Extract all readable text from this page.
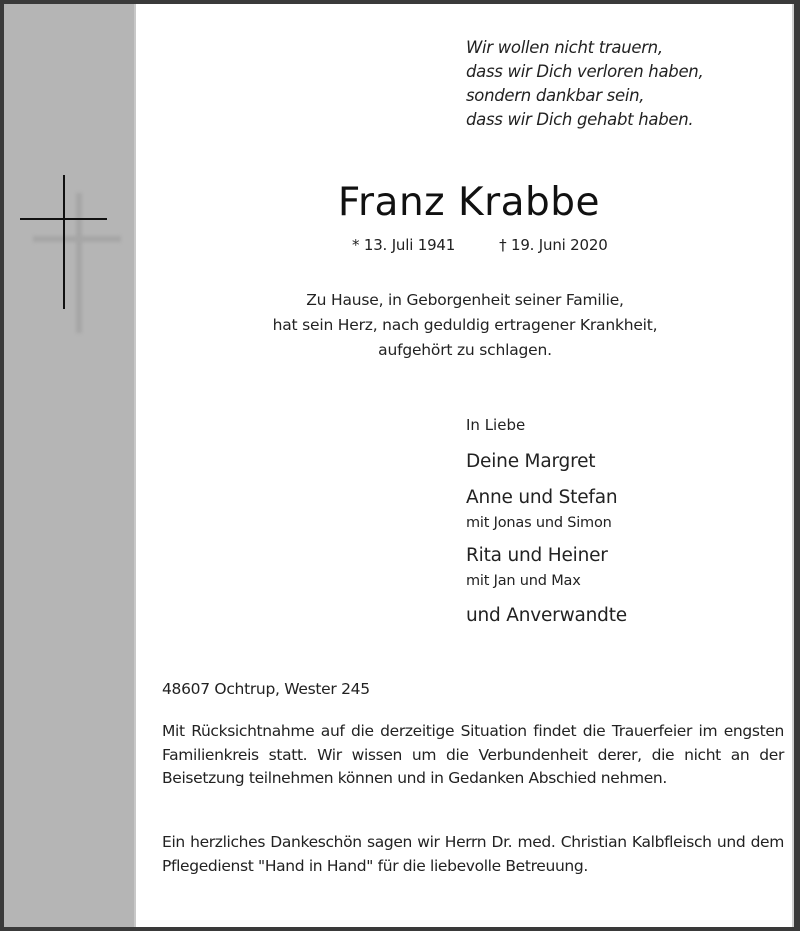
Wir wollen nicht trauern,
dass wir Dich verloren haben,
sondern dankbar sein,
dass wir Dich gehabt haben.
Franz Krabbe
* 13. Juli 1941	† 19. Juni 2020
Zu Hause, in Geborgenheit seiner Familie,
hat sein Herz, nach geduldig ertragener Krankheit,
aufgehört zu schlagen.
In Liebe
Deine Margret
Anne und Stefan
mit Jonas und Simon
Rita und Heiner
mit Jan und Max
und Anverwandte
48607 Ochtrup, Wester 245
Mit Rücksichtnahme auf die derzeitige Situation findet die Trauerfeier im engsten Familienkreis statt. Wir wissen um die Verbundenheit derer, die nicht an der Beisetzung teilnehmen können und in Gedanken Abschied nehmen.
Ein herzliches Dankeschön sagen wir Herrn Dr. med. Christian Kalbfleisch und dem Pflegedienst "Hand in Hand" für die liebevolle Betreuung.
